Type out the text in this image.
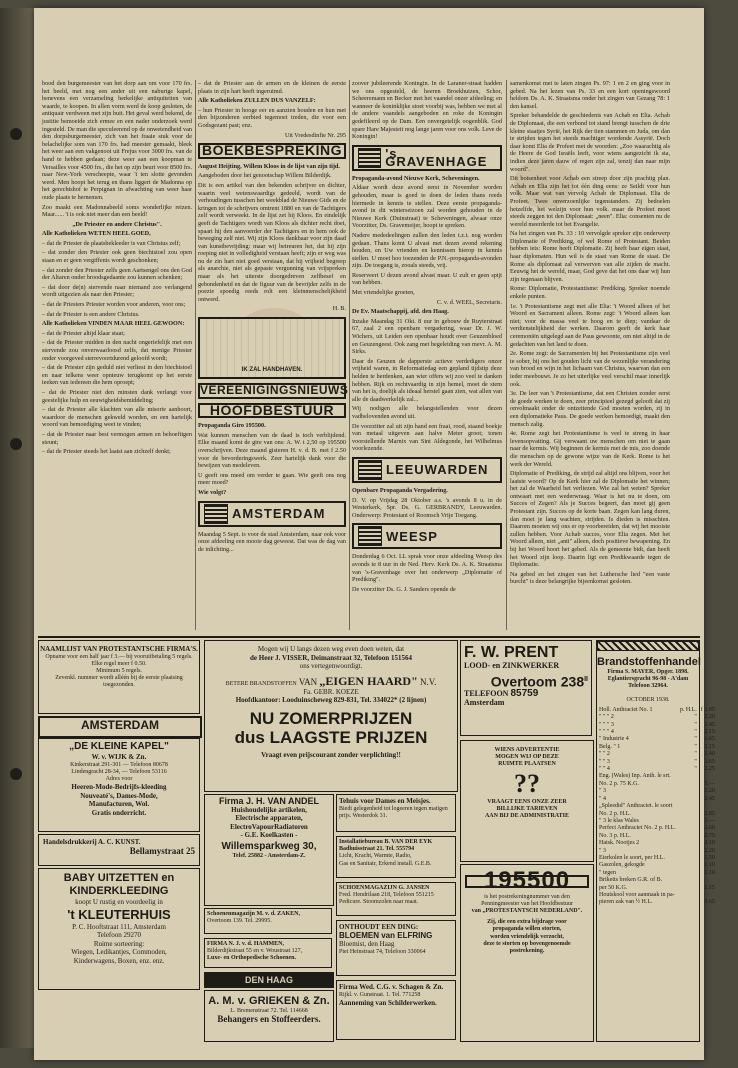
bood den burgemeester van het dorp aan om voor 170 frs. het beeld, met nog een ander uit een naburige kapel, benevens een verzameling herkelijke antiquiteiten van waarde, te koopen. In allen vorm werd de koop gesloten, de antiquair verdween met zijn buit. Het geval werd bekend, de justitie bemoeide zich ermee en een nader onderzoek werd ingesteld. De man die speculeerend op de onwetendheid van den dorpsburgemeester, zich van het fraaie stuk voor de belachelijke som van 170 frs. had meester gemaakt, bleek het weer aan een vakgenoot uit Frejus voor 3000 frs. van de hand te hebben gedaan; deze weer aan een koopman te Versailles voor 4500 frs., die het op zijn beurt voor 8500 frs. naar New-York verscheepte, waar 't ten slotte gevonden werd. Men hoopt het terug en thans liggert de Madonna op het gerechtshof te Perpignan in afwachting van weer haar oude plaats te hernemen.

Zoo maakt een Madonnabeeld soms wonderlijke reizen. Maar...... 't is ook niet meer dan een beeld!

„De Priester en andere Christus".

Alle Katholieken WETEN HEEL GOED,

– dat de Priester de plaatsbekleeder is van Christus zelf;

– dat zonder den Priester ook geen biechtstoel zou open staan en er geen vergiffenis wordt geschonken;

– dat zonder den Priester zelfs geen Aartsengel ons den God der Altaren onder broodsgedaante zou kunnen schenken;

– dat door de(n) stervende naar niemand zoo verlangend wordt uitgezien als naar den Priester;

– dat de Priesters Priester worden voor anderen, voor ons;

– dat de Priester is een andere Christus.

Alle Katholieken VINDEN MAAR HEEL GEWOON:

– dat de Priester altijd klaar staat;

– dat de Priester midden in den nacht ongeriefelijk met een stervende zou onverwaarloosd zelfs, dat menige Priester onder voorgeved sterrevoortdurend geloofd wordt;

– dat de Priester zijn geduld niet verliest in den biechtstoel en naar telkens weer opnieuw terugkomt op het eerste teeken van iedereen die hem oproept;

– dat de Priester niet den minsten dank verlangt voor geestelijke hulp en eeuwigheidsbemiddeling;

– dat de Priester alle klachten van alle misorie aanhoort, waardoor de menschen gekweld worden, en een hartelijk woord van bemoediging weet te vinden;

– dat de Priester naar best vermogen armen en behoeftigen steunt;

– dat de Priester steeds het laatst aan zichzelf denkt;

– dat de Priester aan de armen en de kleinen de eerste plaats in zijn hart heeft ingeruimd.

Alle Katholieken ZULLEN DUS VANZELF:

– hun Priester in hooge eer en aanzien houden en hun met den bijzonderen eerbied tegemoet treden, die voor een Godsgezant past; enz.

Uit Vredesdinfie Nr. 295

BOEKBESPREKING

August Heijting, Willem Kloos in de lijst van zijn tijd.

Aangeboden door het genootschap Willem Bilderdijk.

Dit is een artikel van den bekenden schrijver en dichter, waarin veel wetenswaardigs gedeeld, wordt van de verhoudingen tusschen het weekblad de Nieuwe Gids en de kringen tot de schrijvers omtrent 1880 en van de Tachtigers zelf wordt verweekt. In de lijst zet hij Kloos. En eindelijk geeft de Tachtigers wordt van Kloos als dichter recht doet, spaart hij den aanvoerder der Tachtigers en in hem ook de beweging zelf niet. Wij zijn Kloos dankbaar voor zijn daad van kunstbevrijding: maar wij betreuren het, dat hij zijn roeping niet in volledigheid verstaan heeft; zijn er weg was nu de zin hart niet goed verstaan, dat hij vrijheid begreep als anarchie, niet als gepaste vergunning van vrijspreken maar als het uiterste doorgedreven zelfbesef en gebondenheid en dat de figuur van de bevrijder zelfs in de poezie spoedig reeds rolt een kleinmenschelijkheid ontwerd.

H. B.

IK ZAL HANDHAVEN.
VEREENIGINGSNIEUWS
HOOFDBESTUUR

Propaganda Giro 195500.

Wat kunnen menschen van de daad is toch verblijdend. Elke maand komt de gire van ons: A. W. t 2,50 op 195500 overschrijven. Deze maand gisteren H. v. d. B. met f 2.50 voor de bevorderingswerk. Zeer hartelijk dank voor die bewijzen van medeleven.

U geeft ons meed om verder te gaan. Wie geeft ons nog meer moed?

Wie volgt?

AMSTERDAM

Maandag 5 Sept. is voor de stad Amsterdam, naar ook voor onze afdeeling een mooie dag geweest. Dat was de dag van de inlichting...

zoover jubileerende Koningin. In de Laraner-straat hadden we ons opgesteld, de heeren Broekhuizen, Schor, Scheeremann en Becker met het vaandel onzer afdeeling; en wanneer de koninklijke stoet voorbij was, hebben we met al de andere vaandels aangeboden en roke de Koningin gedefileerd op de Dam. Een onvergetelijk oogenblik. God spare Hare Majesteit nog lange jaren voor ons volk. Leve de Koningin!

's GRAVENHAGE

Propaganda-avond Nieuwe Kerk, Scheveningen.

Aldaar wordt deze avond eerst in November worden gehouden, maar is goed te doen de leden thans reeds hiermede in kennis te stellen. Deze eerste propaganda-avond in dit winterseizoen zal worden gehouden in de Nieuwe Kerk (Duinstraat) te Scheveningen, alwaar onze Voorzitter, Ds. Gravemeijer, hoopt te spreken.

Nadere mededeelingen zullen den leden t.z.t. nog worden gedaan. Thans komt U alvast met dezen avond rekening houden, en Uw vrienden en kennissen hierop in kennis stellen. U moet hoo toezenden de P.N.-propaganda-avonden zijn. De toegang is, zooals steeds, vrij.

Reserveert U dezen avond alvast maar. U zult er geen spijt van hebben.

Met vriendelijke groeten,

C. v. d. WEEL, Secretaris.

De Ev. Maatschappij, afd. den Haag.

Inzake Maandag 31 Okt. 8 uur in gebouw de Ruyterstraat 67, zaal 2 een openbare vergadering, waar Dr. J. W. Wichers, uit Leiden een openbaar houdt over Geuzenbloed en Geuzengeest. Ook zang met begeleiding van mevr. A. M. Sirks.

Daar de Geuzen de dapperste actieve verdedigers onzer vrijheid waren, in Reformatiedag een gepland tijdstip deze helden te herdenken, aan wier offers wij zoo veel te danken hebben. Rijk en rechtvaardig in zijn hemel, moet de stem van het is, doelijk als ideaal herstel gaan zien, wat allen van alle de daadwerkelijk zal...

Wij nodigen alle belangstellenden voor dezen vadbelovenden avond uit.

De voorzitter zal uit zijn hand een fraai, rood, staand boekje van metaal uitgeven aan halve Meter groot; tonen voorstellende Marnix van Sint Aldegonde, het Wilhelmus voorlezende.

LEEUWARDEN

Openbare Propaganda Vergadering.

D. V. op Vrijdag 28 Oktober a.s. 's avonds 8 u. in de Westerkerk, Spr. Ds. G. GERBRANDY, Leeuwarden. Onderwerp: Protestant of Roomsch Vrije Toegang.

WEESP

Donderdag 6 Oct. LL sprak voor onze afdeeling Weesp des avonds te 8 uur in de Ned. Herv. Kerk Ds. A. K. Straatsma van 's-Gravenhage over het onderwerp „Diplomatie of Prediking".

De voorzitter Ds. G. J. Sanders opende de

samenkomst met te laten zingen Ps. 97: 1 en 2 en ging voor in gebed. Na het lezen van Ps. 33 en een kort openingswoord heldom Ds. A. K. Straatsma onder het zingen van Gezang 78: 1 den kansel.

Spreker behandelde de geschiedenis van Achab en Elia. Achab de Diplomaat, die een verbond tot stand brengt tusschen de drie kleine staatjes Syrië, het Rijk der tien stammen en Juda, om dan te strijden tegen het steeds machtiger wordende Assyrië. Doch daar komt Elia de Profeet met de woorden: „Zoo waarachtig als de Heere de God Israëls leeft, voor wiens aangezicht ik sta, indien deze jaren dauw of regen zijn zal, tenzij dan naar mijn woord".

Dit botsenheet voor Achab een streep door zijn prachtig plan. Achab en Elia zijn het tot één ding eens: ze Seildt voor hun volk. Maar wat van vervolg Achab de Diplomaat. Elia de Profeet. Twee onverzoenlijke tegenstanders. Zij bedoelen hetzelfde, het welzijn voor hun volk. maar de Profeet moet steeds zeggen tot den Diplomaat: „neen". Elia: consenten nu de wereld meerderde tot het Evangelie.

Na het zingen van Ps. 33 : 10 vervolgde spreker zijn onderwerp Diplomatie of Prediking, of wel Rome of Protestant. Beiden hebben iets: Rome heeft Diplomatie. Zij heeft haar eigen staat, haar diplomaten. Hun wil is de staat van Rome de staat. De Rome als diplomaat zal verwerven van alle zijden de macht. Eeuwig het de wereld, maar, God geve dat het ons daar wij hun zijn tegenaan blijven.

Rome: Diplomatie, Protestantisme: Prediking. Spreker noemde enkele punten.

1e. 't Protestantisme zegt met alle Elia: 't Woord alleen of het Woord en Sacrament alleen. Rome zegt: 't Woord alleen kan niet; voor de massa veel te hoog en te diep; vandaar de verdienstelijkheid der werken. Daarom geeft de kerk haar ceremoniën uitgelegd aan de Paus gewoonte, om niet altijd in de gedachten van het land te doen.

2e. Rome zegt: de Sacramenten bij het Protestantisme zijn veel te sober, bij ons het gouden licht van de wezenlijke verandering van brood en wijn in het lichaam van Christus, waarvan dan een ieder meebouwt. Je zo het uiterlijke veel verschil maar innerlijk ook.

3e. De leer van 't Protestantisme, dat een Christen zonder eerst de goede werken te doen, zeer principieel gezegd gelooft dat zij onvolmaakt onder de ontzettende God moeten worden, zij in een diplomatieke Paus. De goede werken bemoedigt, maakt den mensch zalig.

4e. Rome zegt het Protestantisme is veel te streng in haar levensopvatting. Gij verwaant uw menschen om niet te gaan naar de kermis. Wij beginnen de kermis met de mis, zoo doende die menschen op de gewone wijze van de Kerk. Rome is het werk der Wereld.

Diplomatie of Prediking, de strijd zal altijd ons blijven, voor het laatste woord? Op de Kerk hier zal de Diplomatie het winnen; het zal de Waarheid het verliezen. Wie zal het weten? Spreker ontwaart met een wederwraag. Waar is het nu te doen, om Succes of Zegen? Als je Succes begeert, dan moet gij geen Protestant zijn. Succes op de korte baan. Zegen kan lang duren, dan moet je lang wachten, strijden. Is dieden is misschien. Daarom moeten wij ons er op voorbereiden, dat wij het mooiste zullen hebben. Voor Achab succes, voor Elia zegen. Met het Woord alleen, niet „anti" alleen, doch positieve bewapening. En bij het Woord hoort het gebed. Als de gemeente bidt, dan heeft het Woord zijn loop. Daarin ligt een Predikwaarde tegen de Diplomatie.

Na gebed en het zingen van het Luthersche lied "een vaste burcht" is deze belangrijke bijeenkomst gesloten.

NAAMLIJST VAN PROTESTANTSCHE FIRMA'S.
Opname voor een half jaar f 3.— bij vooruitbetaling 5 regels.
Elke regel meer f 0.50.
Minimum 5 regels.
Zevenkl. nummer wordt alléén bij de eerste plaatsing toegezonden.
AMSTERDAM
„DE KLEINE KAPEL"
W. v. WIJK & Zn.
Kinkerstraat 291-301 — Telefoon 80678
Lindengracht 28-34, — Telefoon 53116
Adres voor
Heeren-Mode-Bedrijfs-kleeding
Nouveaté's, Dames-Mode,
Manufacturen, Wol.
Gratis onderricht.
Handelsdrukkerij A. C. KUNST.
Bellamystraat 25
BABY UITZETTEN en
KINDERKLEEDING
koopt U rustig en voordeelig in
't KLEUTERHUIS
P. C. Hooftstraat 111, Amsterdam
Telefoon 29270
Ruime sorteering:
Wiegen, Ledikantjes, Commoden,
Kinderwagens, Boxen, enz. enz.
Mogen wij U langs dezen weg even doen weten, dat
de Heer J. VISSER, Deimanstraat 32, Telefoon 151564
ons vertegenwoordigt.
BETERE BRANDSTOFFEN VAN „EIGEN HAARD" N.V.
Fa. GEBR. KOEZE
Hoofdkantoor: Looduinscheweg 829-831, Tel. 334022* (2 lijnen)
NU ZOMERPRIJZEN
dus LAAGSTE PRIJZEN
Vraagt even prijscourant zonder verplichting!!
Firma J. H. VAN ANDEL
Huishoudelijke artikelen,
Electrische apparaten,
ElectroVapourRadiatoren
- G.E. Koelkasten -
Willemsparkweg 30,
Telef. 25882 - Amsterdam-Z.
Tehuis voor Dames en Meisjes.
Biedt gelegenheid tot logeeren tegen matigen prijs. Westerdok 31.
Installatiebureau B. VAN DER EYK
Badhuisstraat 21. Tel. 555794
Licht, Kracht, Warmte, Radio,
Gas en Sanitair, Erkend install. G.E.B.
Schoenenmagazijn M. v. d. ZAKEN,
Overtoom 139. Tel. 29995.
FIRMA N. J. v. d. HAMMEN,
Bilderdijkstraat 55 en v. Woustraat 127,
Luxe- en Orthopedische Schoenen.
SCHOENMAGAZIJN G. JANSEN
Fred. Hendrilaan 218, Telefoon 551215
Pedicure. Stoomzolen naar maat.
DEN HAAG
A. M. v. GRIEKEN & Zn.
L. Bremenstraat 72. Tel. 114668
Behangers en Stoffeerders.
ONTHOUDT EEN DING:
BLOEMEN van ELFRING
Bloemist, den Haag
Piet Heinstraat 74, Telefoon 330064
Firma Wed. C.G. v. Schagen & Zn.
Rijkl. v. Gunstraat. 1. Tel. 771258
Aanneming van Schilderwerken.
F. W. PRENT
LOOD- en ZINKWERKER
Overtoom $238^{II}$
TELEFOON 85759
Amsterdam
WIENS ADVERTENTIE
MOGEN WIJ OP DEZE
RUIMTE PLAATSEN
??
VRAAGT EENS ONZE ZEER
BILLIJKE TARIEVEN
AAN BIJ DE ADMINISTRATIE
195500
is het postrekeningnummer van den
Penningmeester van het Hoofdbestuur
van „PROTESTANTSCH NEDERLAND".
Zij, die een extra bijdrage voor
propaganda willen storten,
worden vriendelijk verzocht,
deze te storten op bovengenoemde
postrekening.
Brandstoffenhandel
Firma S. MAYER, Opger. 1898.
Eglantiersgracht 96-98 - A'dam
Telefoon 32964.
OCTOBER 1938.
Holl. Anthraciet No. 1	p. H.L.	f 2.05
" " " 2	"	2.20
" " " 3	"	2.45
" " " 4	"	2.15
" Industrie 4	"	1.65
Belg. " 1	"	2.15
" " 2	"	2.40
" " 3	"	2.65
" " 4	"	2.25
Eng. (Wales) Inp. Anth. le srt.		
No. 2 p. 75 K.G.		3.—
" 3		3.20
" 4		2.45
„Spleedid" Anthraciet. le soort		
No. 2 p. H.L.		2.85
" 3 le klas Wales		3.—
Perfect Anthraciet No. 2 p. H.L.		2.60
No. 3 p. H.L.		2.75
Haisk. Nootjes 2		2.10
" 3		2.20
Eierkolen le soort, per H.L.		1.50
Gaszolen, gekogde		1.10
" tegen		1.10
Briketts breken G.R. of B.		
per 50 K.G.		1.15
Houtskool voor aanmaak in pa-		
pieren zak van ½ H.L.		0.65
